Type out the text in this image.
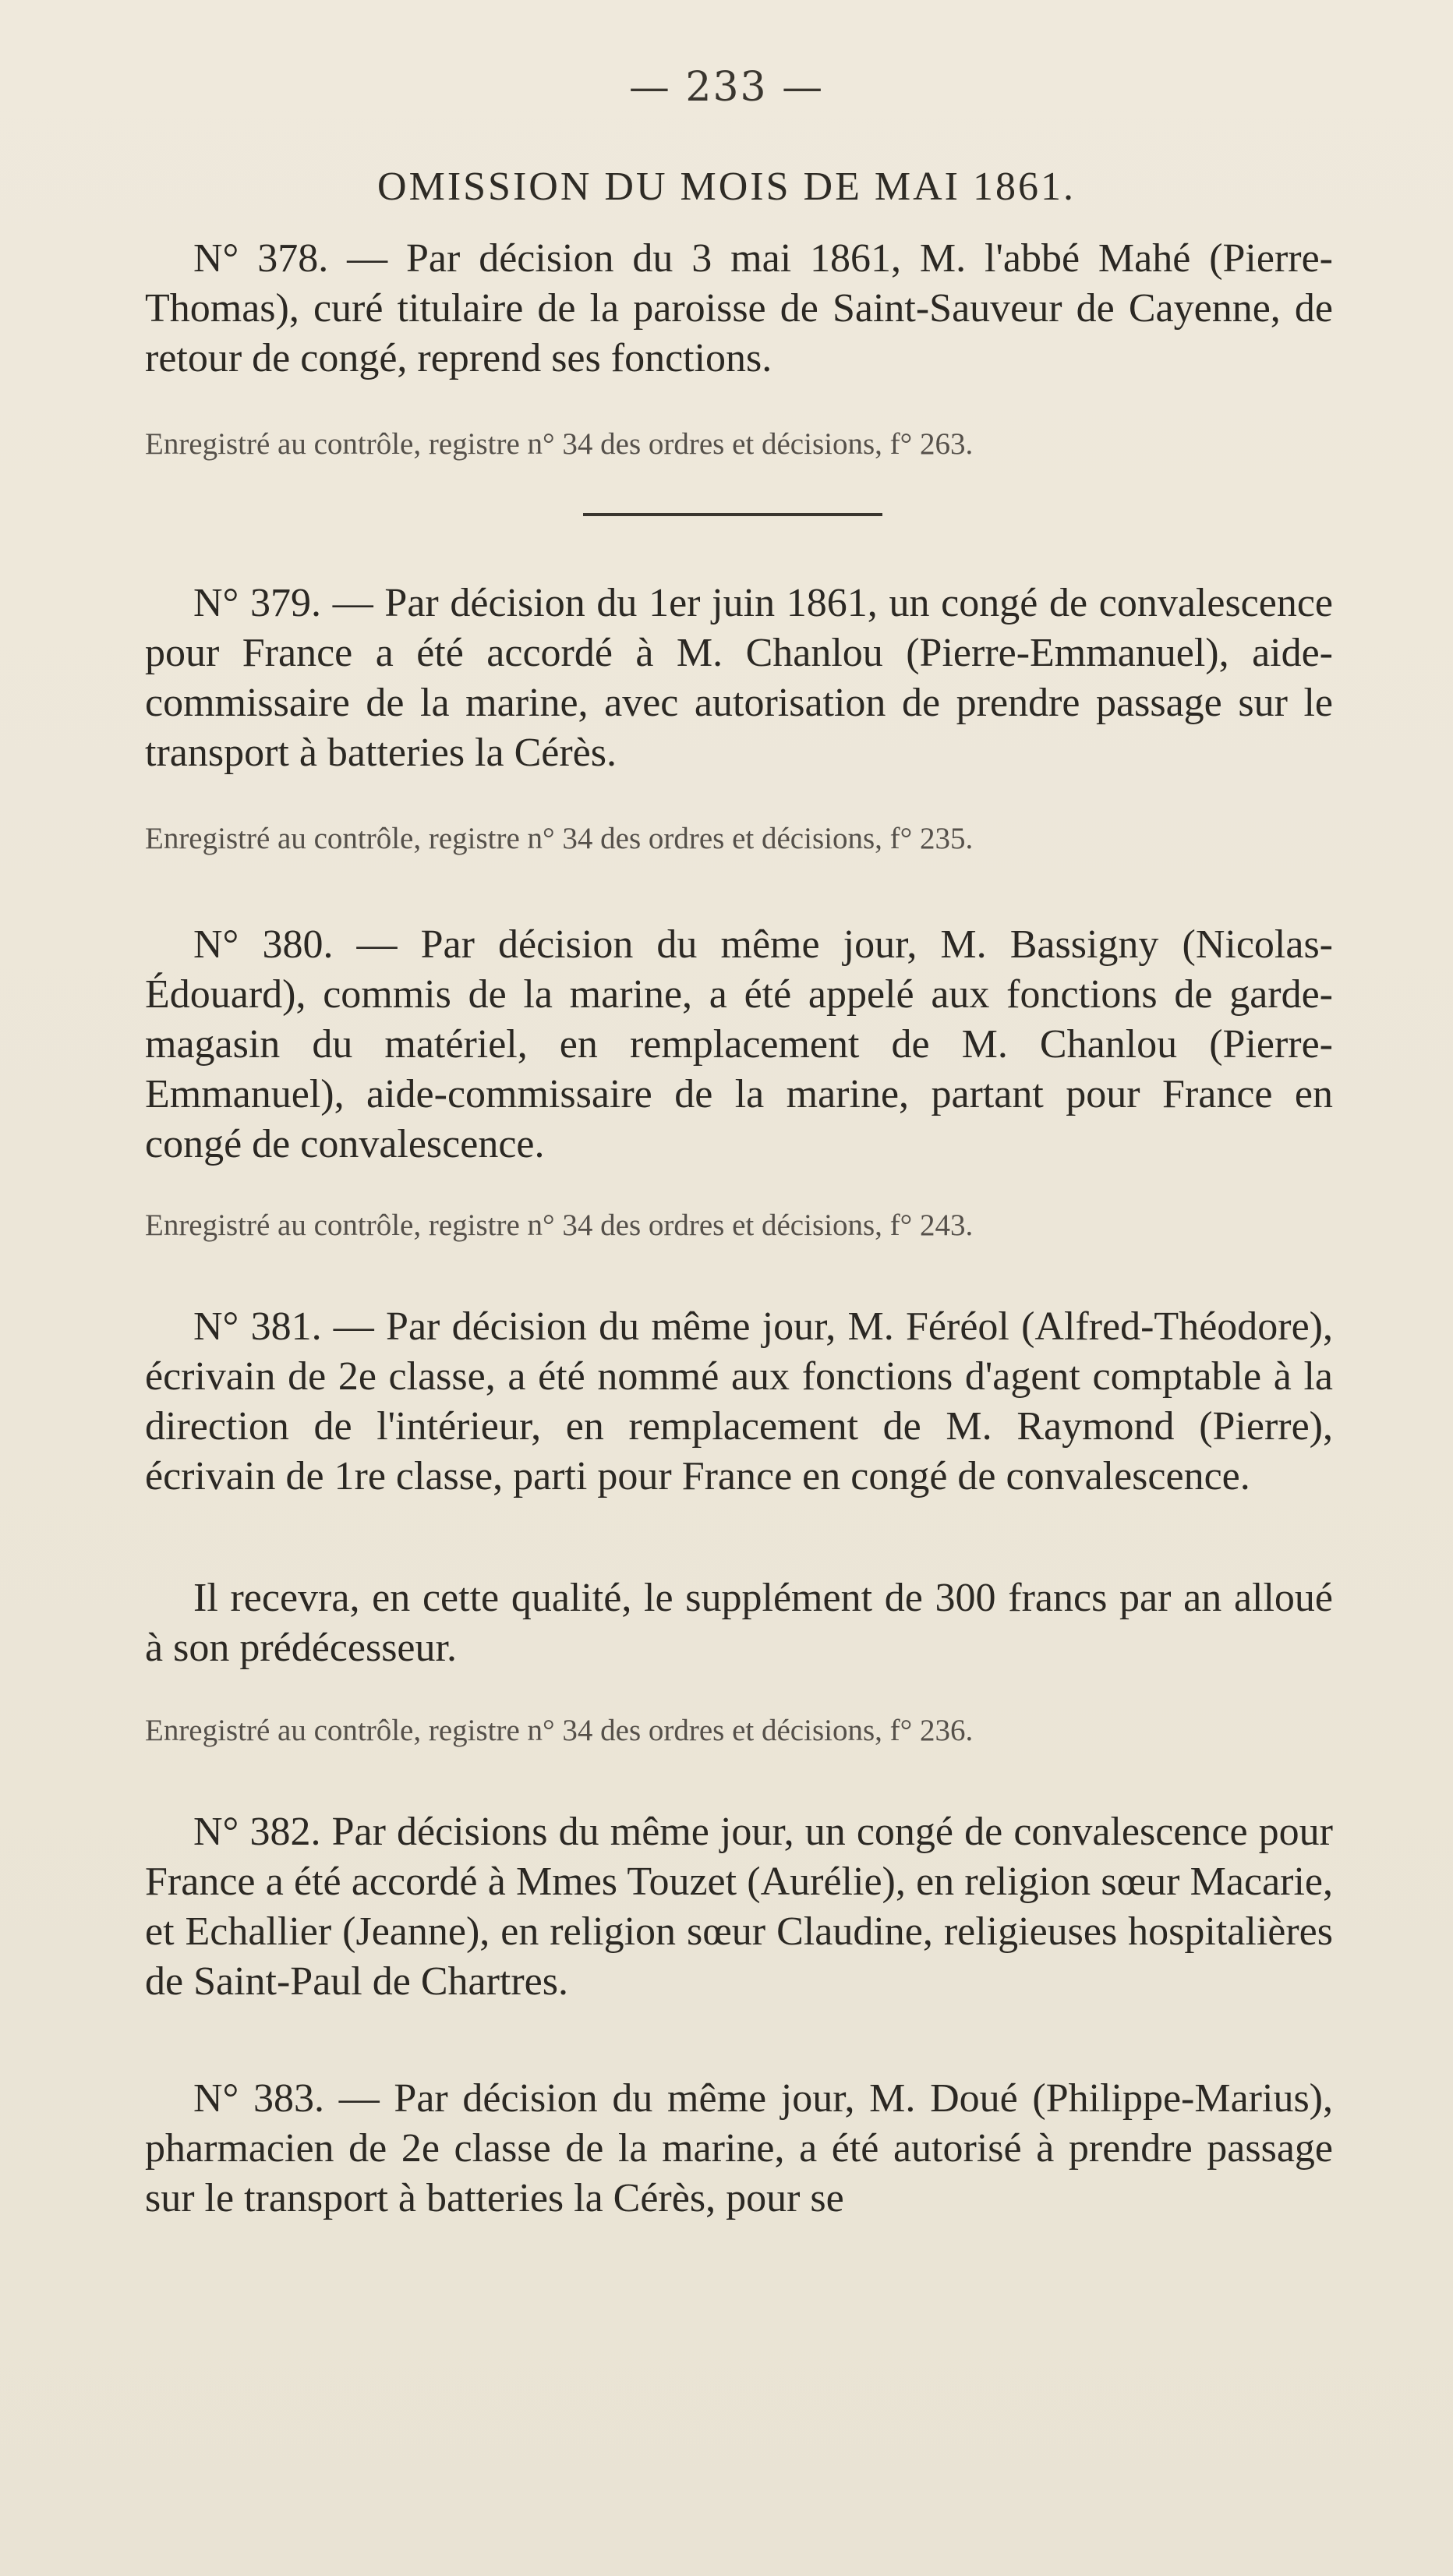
— 233 —
OMISSION DU MOIS DE MAI 1861.

N° 378. — Par décision du 3 mai 1861, M. l'abbé Mahé (Pierre-Thomas), curé titulaire de la paroisse de Saint-Sauveur de Cayenne, de retour de congé, reprend ses fonctions.

Enregistré au contrôle, registre n° 34 des ordres et décisions, f° 263.

N° 379. — Par décision du 1er juin 1861, un congé de convalescence pour France a été accordé à M. Chanlou (Pierre-Emmanuel), aide-commissaire de la marine, avec autorisation de prendre passage sur le transport à batteries la Cérès.

Enregistré au contrôle, registre n° 34 des ordres et décisions, f° 235.

N° 380. — Par décision du même jour, M. Bassigny (Nicolas-Édouard), commis de la marine, a été appelé aux fonctions de garde-magasin du matériel, en remplacement de M. Chanlou (Pierre-Emmanuel), aide-commissaire de la marine, partant pour France en congé de convalescence.

Enregistré au contrôle, registre n° 34 des ordres et décisions, f° 243.

N° 381. — Par décision du même jour, M. Féréol (Alfred-Théodore), écrivain de 2e classe, a été nommé aux fonctions d'agent comptable à la direction de l'intérieur, en remplacement de M. Raymond (Pierre), écrivain de 1re classe, parti pour France en congé de convalescence.

Il recevra, en cette qualité, le supplément de 300 francs par an alloué à son prédécesseur.

Enregistré au contrôle, registre n° 34 des ordres et décisions, f° 236.

N° 382. Par décisions du même jour, un congé de convalescence pour France a été accordé à Mmes Touzet (Aurélie), en religion sœur Macarie, et Echallier (Jeanne), en religion sœur Claudine, religieuses hospitalières de Saint-Paul de Chartres.

N° 383. — Par décision du même jour, M. Doué (Philippe-Marius), pharmacien de 2e classe de la marine, a été autorisé à prendre passage sur le transport à batteries la Cérès, pour se
